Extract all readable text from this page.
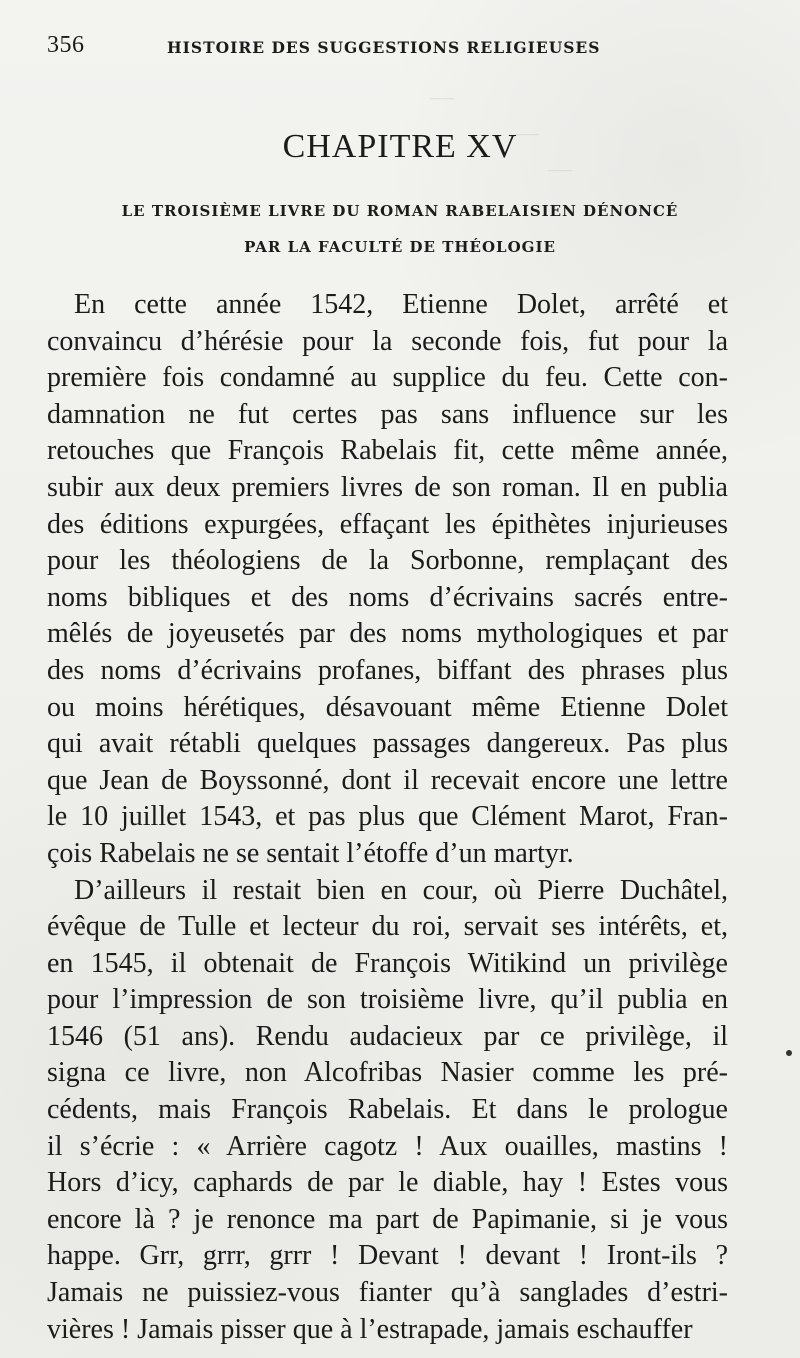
—
—
—
356	HISTOIRE DES SUGGESTIONS RELIGIEUSES
CHAPITRE XV
LE TROISIÈME LIVRE DU ROMAN RABELAISIEN DÉNONCÉ
PAR LA FACULTÉ DE THÉOLOGIE
En cette année 1542, Etienne Dolet, arrêté et
convaincu d’hérésie pour la seconde fois, fut pour la
première fois condamné au supplice du feu. Cette con-
damnation ne fut certes pas sans influence sur les
retouches que François Rabelais fit, cette même année,
subir aux deux premiers livres de son roman. Il en publia
des éditions expurgées, effaçant les épithètes injurieuses
pour les théologiens de la Sorbonne, remplaçant des
noms bibliques et des noms d’écrivains sacrés entre-
mêlés de joyeusetés par des noms mythologiques et par
des noms d’écrivains profanes, biffant des phrases plus
ou moins hérétiques, désavouant même Etienne Dolet
qui avait rétabli quelques passages dangereux. Pas plus
que Jean de Boyssonné, dont il recevait encore une lettre
le 10 juillet 1543, et pas plus que Clément Marot, Fran-
çois Rabelais ne se sentait l’étoffe d’un martyr.
D’ailleurs il restait bien en cour, où Pierre Duchâtel,
évêque de Tulle et lecteur du roi, servait ses intérêts, et,
en 1545, il obtenait de François Witikind un privilège
pour l’impression de son troisième livre, qu’il publia en
1546 (51 ans). Rendu audacieux par ce privilège, il
signa ce livre, non Alcofribas Nasier comme les pré-
cédents, mais François Rabelais. Et dans le prologue
il s’écrie : « Arrière cagotz ! Aux ouailles, mastins !
Hors d’icy, caphards de par le diable, hay ! Estes vous
encore là ? je renonce ma part de Papimanie, si je vous
happe. Grr, grrr, grrr ! Devant ! devant ! Iront-ils ?
Jamais ne puissiez-vous fianter qu’à sanglades d’estri-
vières ! Jamais pisser que à l’estrapade, jamais eschauffer
